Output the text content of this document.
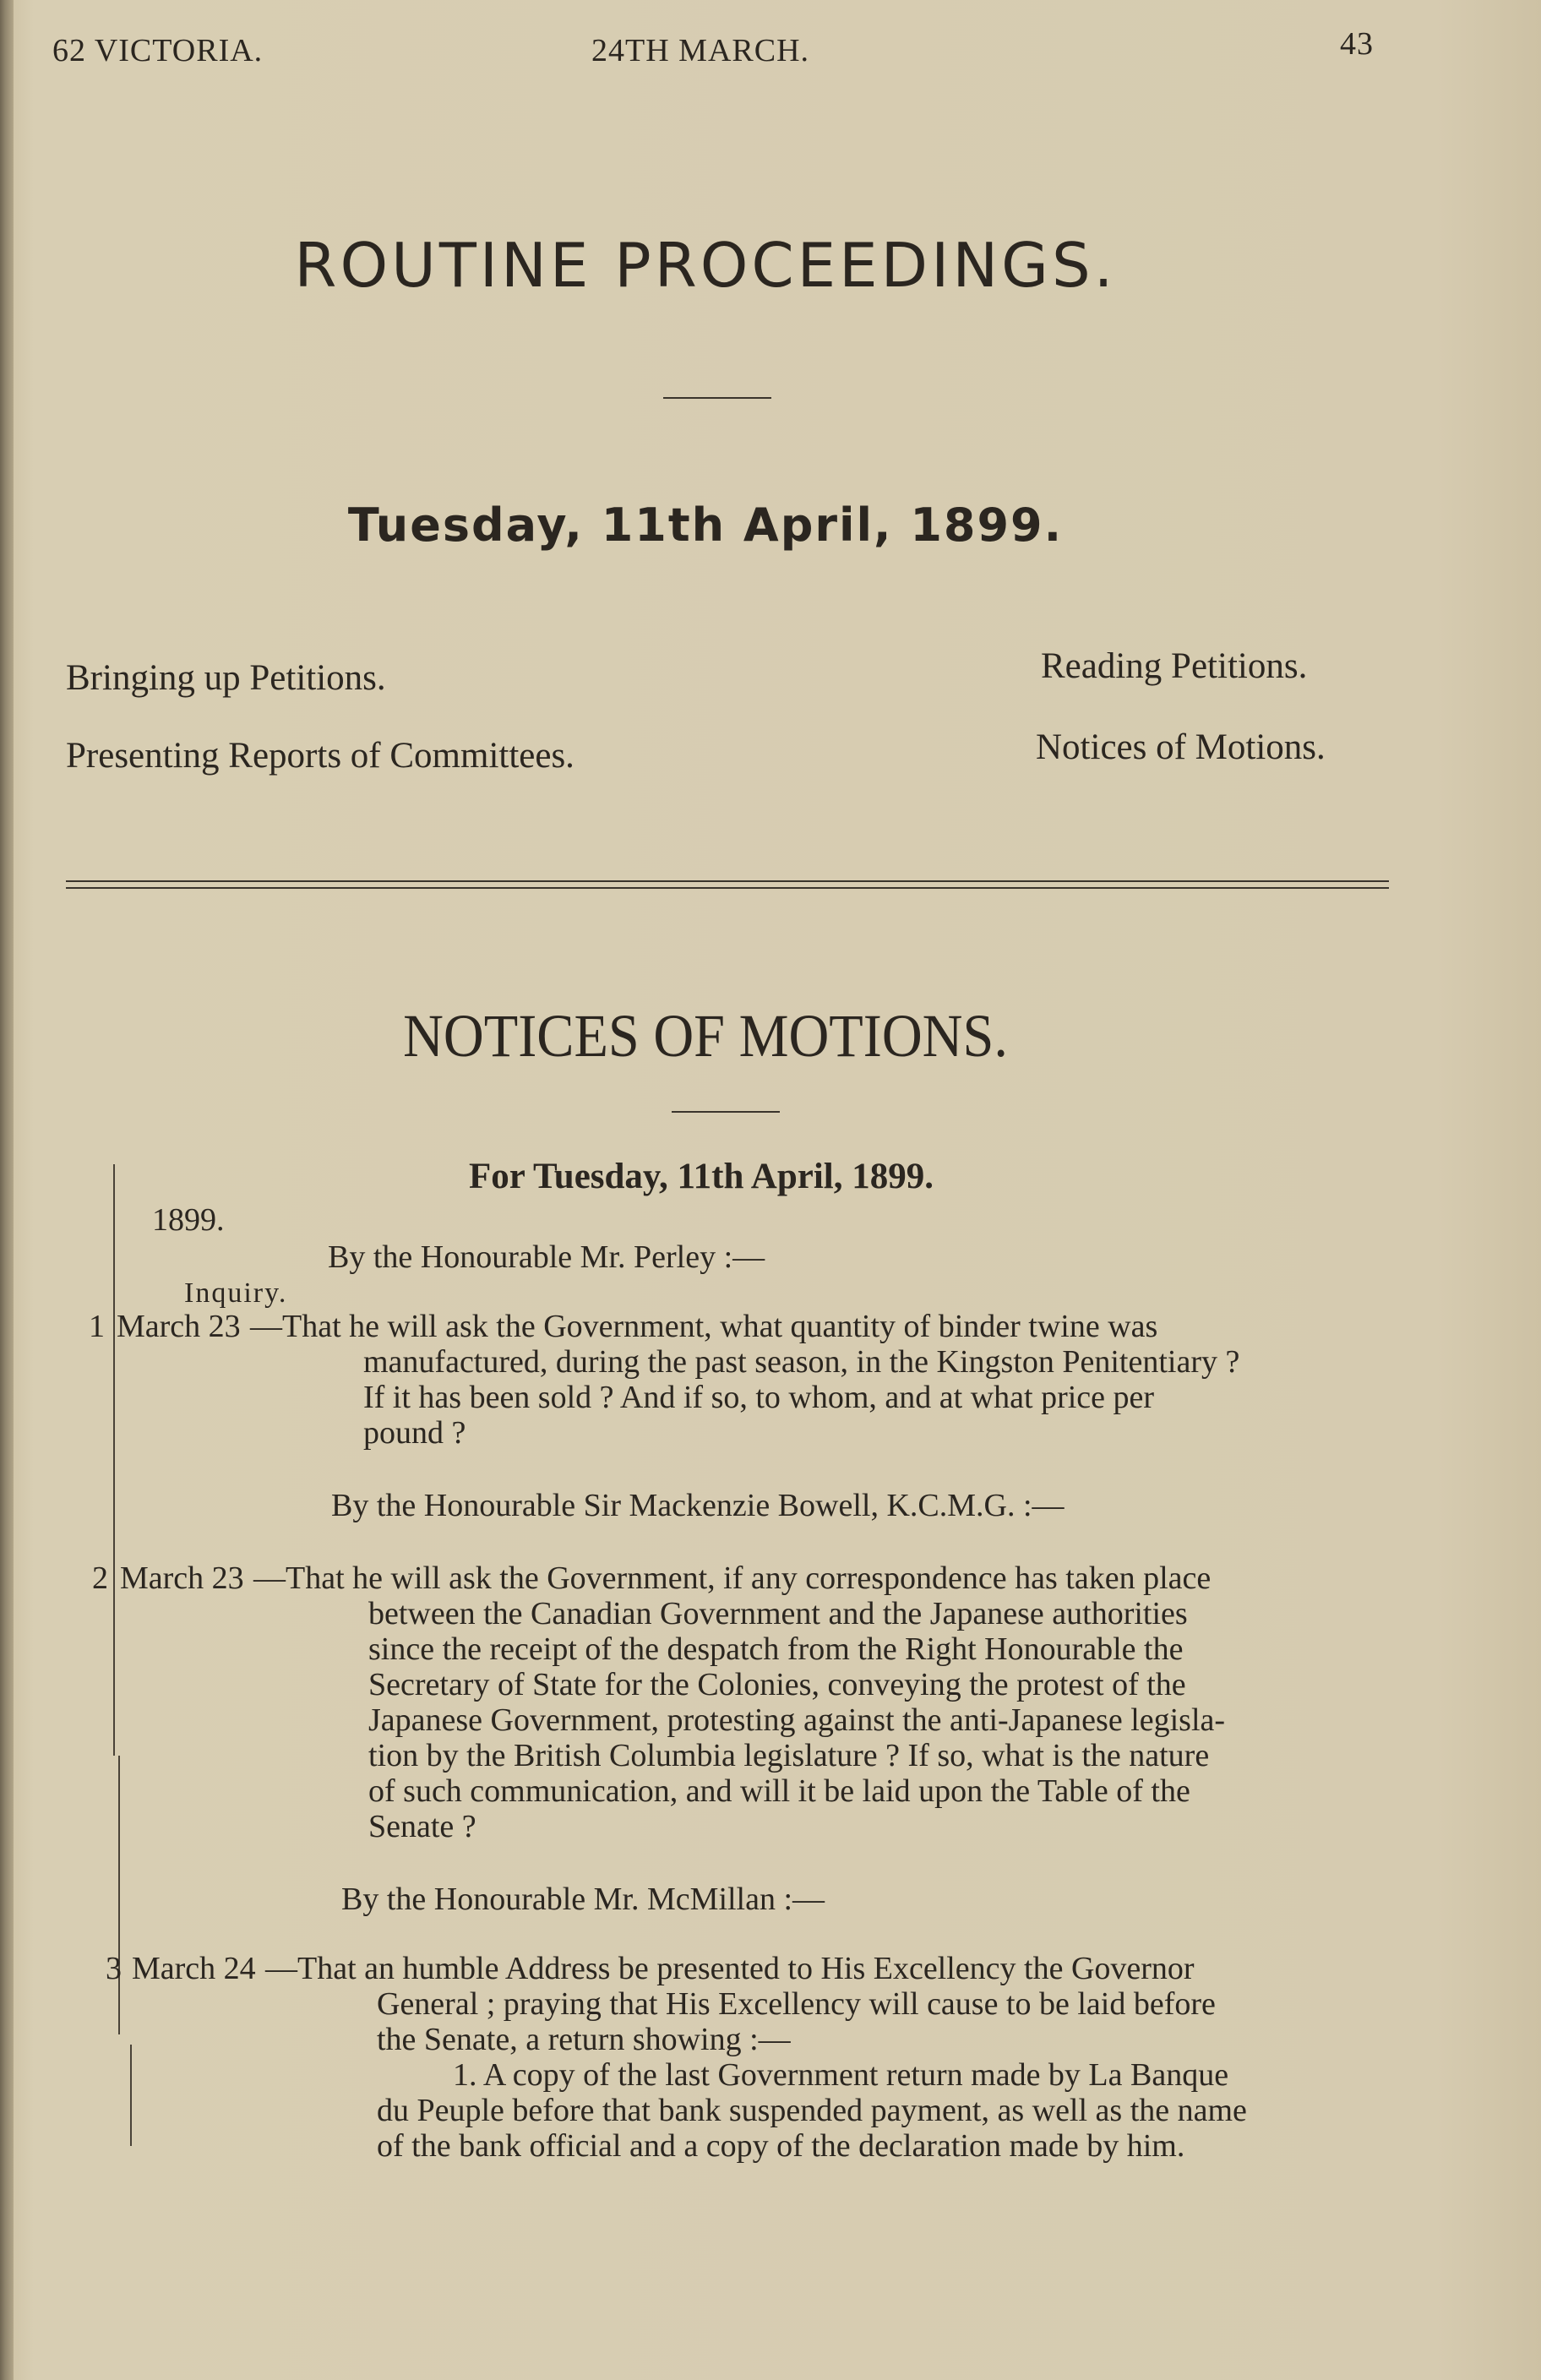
62 VICTORIA.	24TH MARCH.	43
ROUTINE PROCEEDINGS.
Tuesday, 11th April, 1899.
Bringing up Petitions.	Reading Petitions.
Presenting Reports of Committees.	Notices of Motions.
NOTICES OF MOTIONS.
For Tuesday, 11th April, 1899.
1899.
By the Honourable Mr. Perley :—
Inquiry.
1 March 23 —That he will ask the Government, what quantity of binder twine was
manufactured, during the past season, in the Kingston Penitentiary ?
If it has been sold ? And if so, to whom, and at what price per
pound ?
By the Honourable Sir Mackenzie Bowell, K.C.M.G. :—
2 March 23 —That he will ask the Government, if any correspondence has taken place
between the Canadian Government and the Japanese authorities
since the receipt of the despatch from the Right Honourable the
Secretary of State for the Colonies, conveying the protest of the
Japanese Government, protesting against the anti-Japanese legisla-
tion by the British Columbia legislature ? If so, what is the nature
of such communication, and will it be laid upon the Table of the
Senate ?
By the Honourable Mr. McMillan :—
3 March 24 —That an humble Address be presented to His Excellency the Governor
General ; praying that His Excellency will cause to be laid before
the Senate, a return showing :—
1. A copy of the last Government return made by La Banque
du Peuple before that bank suspended payment, as well as the name
of the bank official and a copy of the declaration made by him.
